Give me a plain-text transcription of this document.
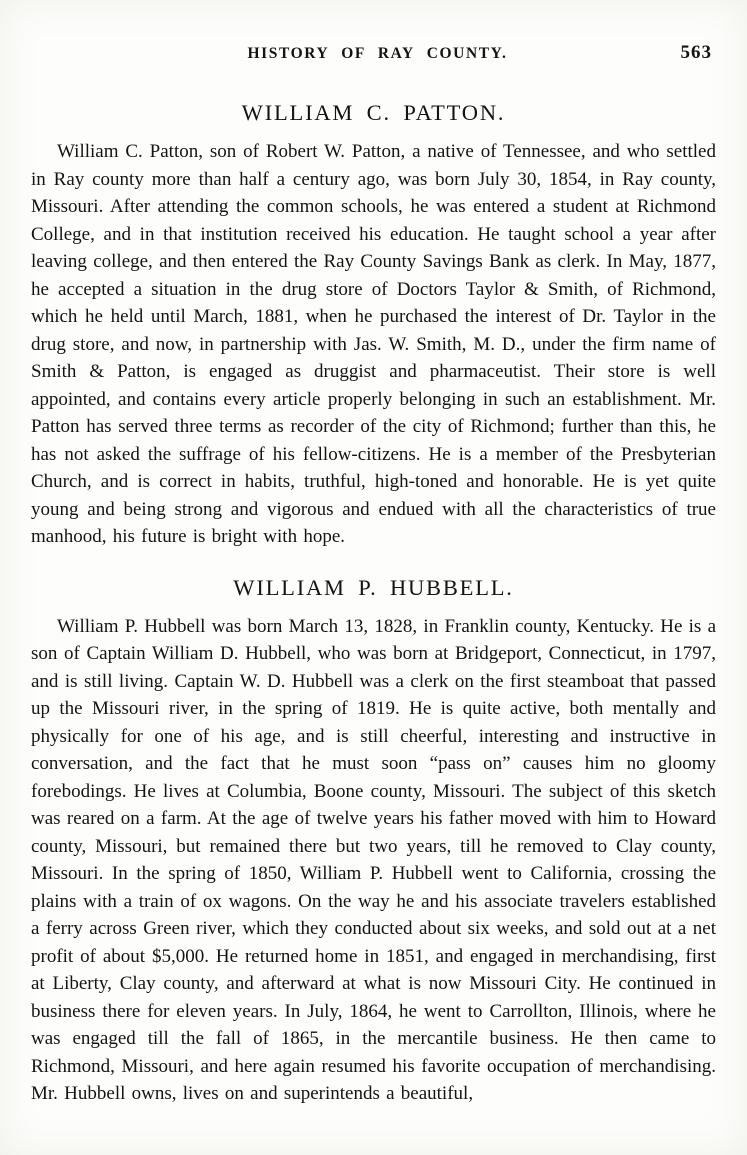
HISTORY OF RAY COUNTY.	563
WILLIAM C. PATTON.

William C. Patton, son of Robert W. Patton, a native of Tennessee, and who settled in Ray county more than half a century ago, was born July 30, 1854, in Ray county, Missouri. After attending the common schools, he was entered a student at Richmond College, and in that institution received his education. He taught school a year after leaving college, and then entered the Ray County Savings Bank as clerk. In May, 1877, he accepted a situation in the drug store of Doctors Taylor & Smith, of Richmond, which he held until March, 1881, when he purchased the interest of Dr. Taylor in the drug store, and now, in partnership with Jas. W. Smith, M. D., under the firm name of Smith & Patton, is engaged as druggist and pharmaceutist. Their store is well appointed, and contains every article properly belonging in such an establishment. Mr. Patton has served three terms as recorder of the city of Richmond; further than this, he has not asked the suffrage of his fellow-citizens. He is a member of the Presbyterian Church, and is correct in habits, truthful, high-toned and honorable. He is yet quite young and being strong and vigorous and endued with all the characteristics of true manhood, his future is bright with hope.

WILLIAM P. HUBBELL.

William P. Hubbell was born March 13, 1828, in Franklin county, Kentucky. He is a son of Captain William D. Hubbell, who was born at Bridgeport, Connecticut, in 1797, and is still living. Captain W. D. Hubbell was a clerk on the first steamboat that passed up the Missouri river, in the spring of 1819. He is quite active, both mentally and physically for one of his age, and is still cheerful, interesting and instructive in conversation, and the fact that he must soon “pass on” causes him no gloomy forebodings. He lives at Columbia, Boone county, Missouri. The subject of this sketch was reared on a farm. At the age of twelve years his father moved with him to Howard county, Missouri, but remained there but two years, till he removed to Clay county, Missouri. In the spring of 1850, William P. Hubbell went to California, crossing the plains with a train of ox wagons. On the way he and his associate travelers established a ferry across Green river, which they conducted about six weeks, and sold out at a net profit of about $5,000. He returned home in 1851, and engaged in merchandising, first at Liberty, Clay county, and afterward at what is now Missouri City. He continued in business there for eleven years. In July, 1864, he went to Carrollton, Illinois, where he was engaged till the fall of 1865, in the mercantile business. He then came to Richmond, Missouri, and here again resumed his favorite occupation of merchandising. Mr. Hubbell owns, lives on and superintends a beautiful,
